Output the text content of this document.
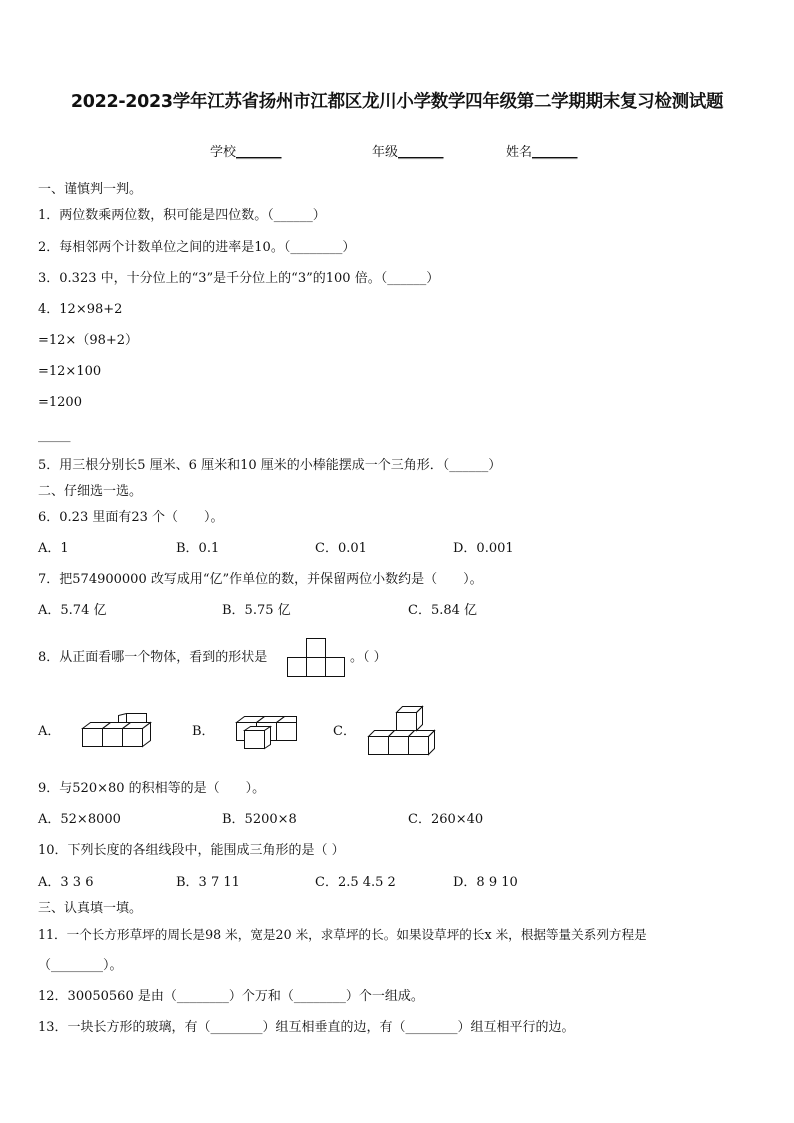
2022-2023学年江苏省扬州市江都区龙川小学数学四年级第二学期期末复习检测试题
学校_______	年级_______	姓名_______
一、谨慎判一判。
1．两位数乘两位数，积可能是四位数。（______）
2．每相邻两个计数单位之间的进率是10。（________）
3．0.323 中，十分位上的“3”是千分位上的“3”的100 倍。（______）
4．12×98+2
=12×（98+2）
=12×100
=1200
_____
5．用三根分别长5 厘米、6 厘米和10 厘米的小棒能摆成一个三角形．（______）
二、仔细选一选。
6．0.23 里面有23 个（　　）。
A．1	B．0.1	C．0.01	D．0.001
7．把574900000 改写成用“亿”作单位的数，并保留两位小数约是（　　）。
A．5.74 亿	B．5.75 亿	C．5.84 亿
8．从正面看哪一个物体，看到的形状是	。（ ）
A．	B．	C．
9．与520×80 的积相等的是（　　）。
A．52×8000	B．5200×8	C．260×40
10．下列长度的各组线段中，能围成三角形的是（ ）
A．3 3 6	B．3 7 11	C．2.5 4.5 2	D．8 9 10
三、认真填一填。
11．一个长方形草坪的周长是98 米，宽是20 米，求草坪的长。如果设草坪的长x 米，根据等量关系列方程是
（________）。
12．30050560 是由（________）个万和（________）个一组成。
13．一块长方形的玻璃，有（________）组互相垂直的边，有（________）组互相平行的边。
